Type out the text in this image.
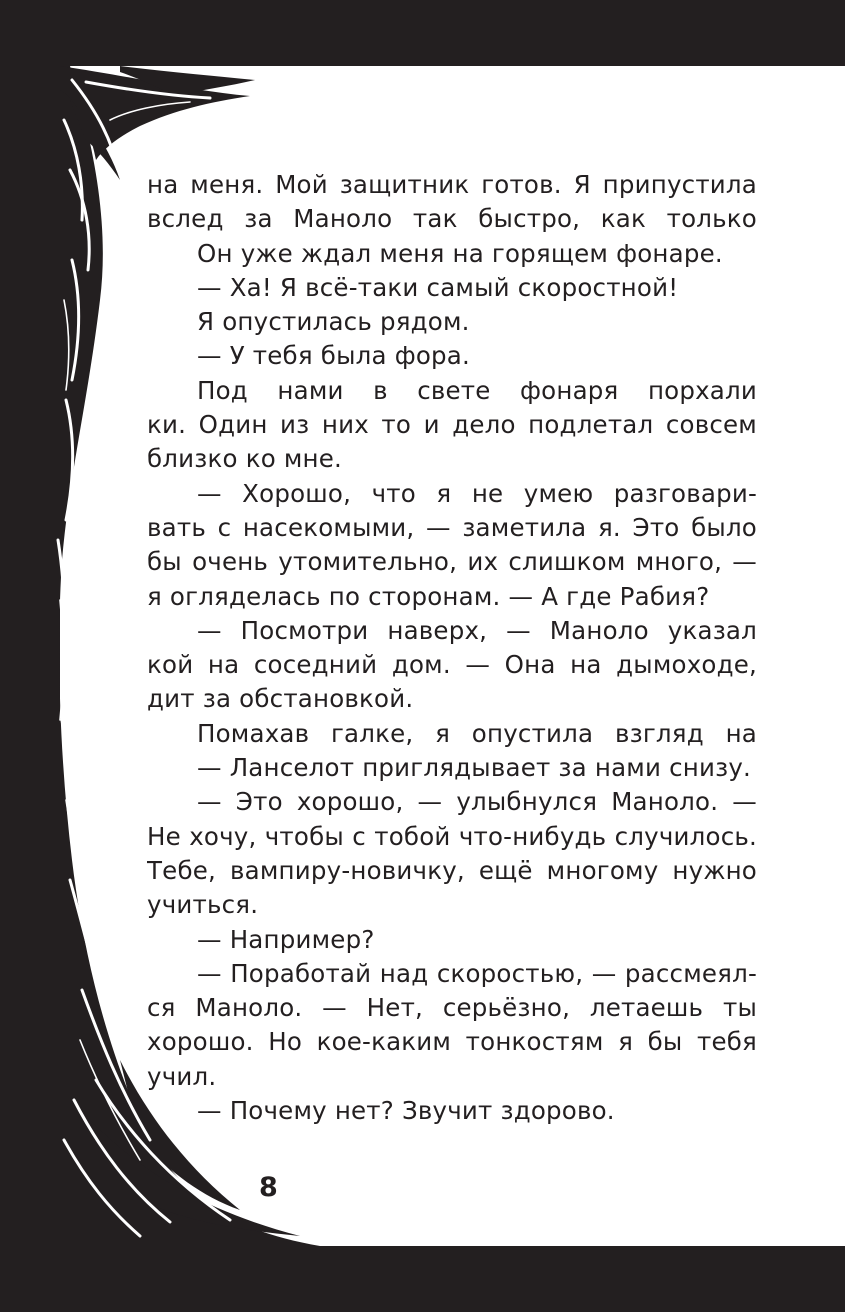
на меня. Мой защитник готов. Я припустила
вслед за Маноло так быстро, как только
Он уже ждал меня на горящем фонаре.
— Ха! Я всё-таки самый скоростной!
Я опустилась рядом.
— У тебя была фора.
Под нами в свете фонаря порхали
ки. Один из них то и дело подлетал совсем
близко ко мне.
— Хорошо, что я не умею разговари-
вать с насекомыми, — заметила я. Это было
бы очень утомительно, их слишком много, —
я огляделась по сторонам. — А где Рабия?
— Посмотри наверх, — Маноло указал
кой на соседний дом. — Она на дымоходе,
дит за обстановкой.
Помахав галке, я опустила взгляд на
— Ланселот приглядывает за нами снизу.
— Это хорошо, — улыбнулся Маноло. —
Не хочу, чтобы с тобой что-нибудь случилось.
Тебе, вампиру-новичку, ещё многому нужно
учиться.
— Например?
— Поработай над скоростью, — рассмеял-
ся Маноло. — Нет, серьёзно, летаешь ты
хорошо. Но кое-каким тонкостям я бы тебя
учил.
— Почему нет? Звучит здорово.
8
